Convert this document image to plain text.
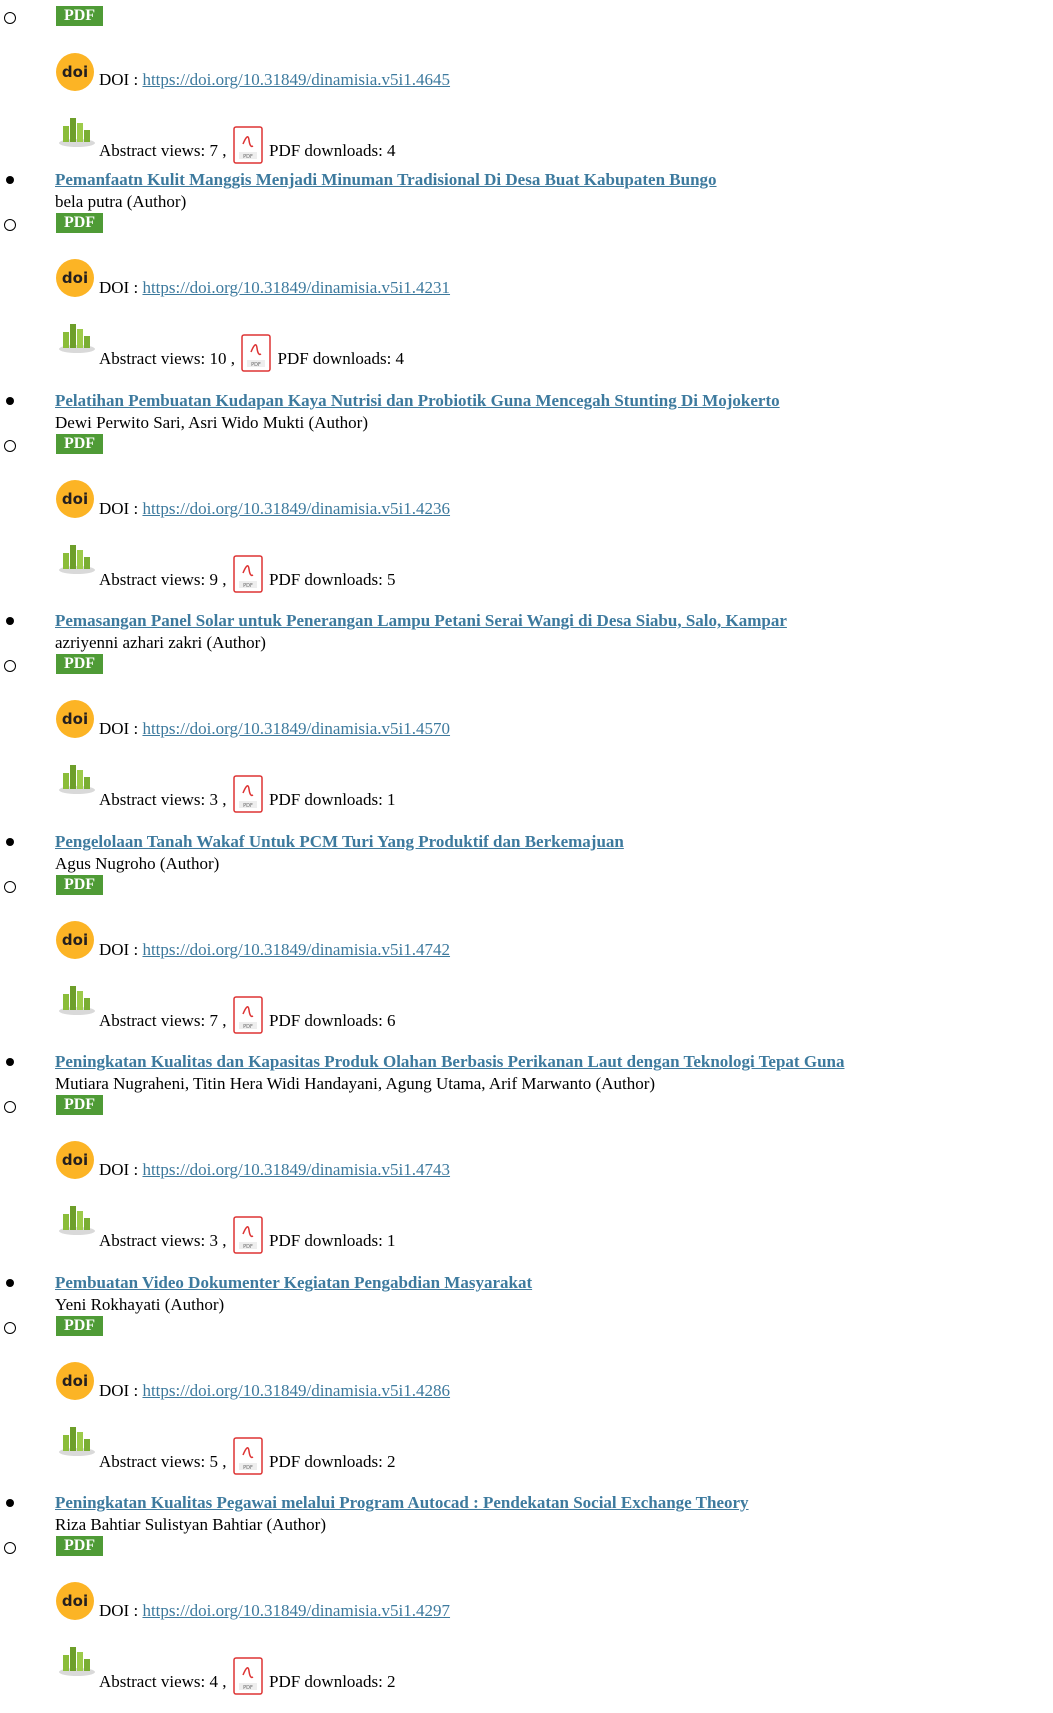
PDF
doi DOI : https://doi.org/10.31849/dinamisia.v5i1.4645
Abstract views: 7 ,	PDF PDF downloads: 4
Pemanfaatn Kulit Manggis Menjadi Minuman Tradisional Di Desa Buat Kabupaten Bungo
bela putra (Author)
PDF
doi DOI : https://doi.org/10.31849/dinamisia.v5i1.4231
Abstract views: 10 ,	PDF PDF downloads: 4
Pelatihan Pembuatan Kudapan Kaya Nutrisi dan Probiotik Guna Mencegah Stunting Di Mojokerto
Dewi Perwito Sari, Asri Wido Mukti (Author)
PDF
doi DOI : https://doi.org/10.31849/dinamisia.v5i1.4236
Abstract views: 9 ,	PDF PDF downloads: 5
Pemasangan Panel Solar untuk Penerangan Lampu Petani Serai Wangi di Desa Siabu, Salo, Kampar
azriyenni azhari zakri (Author)
PDF
doi DOI : https://doi.org/10.31849/dinamisia.v5i1.4570
Abstract views: 3 ,	PDF PDF downloads: 1
Pengelolaan Tanah Wakaf Untuk PCM Turi Yang Produktif dan Berkemajuan
Agus Nugroho (Author)
PDF
doi DOI : https://doi.org/10.31849/dinamisia.v5i1.4742
Abstract views: 7 ,	PDF PDF downloads: 6
Peningkatan Kualitas dan Kapasitas Produk Olahan Berbasis Perikanan Laut dengan Teknologi Tepat Guna
Mutiara Nugraheni, Titin Hera Widi Handayani, Agung Utama, Arif Marwanto (Author)
PDF
doi DOI : https://doi.org/10.31849/dinamisia.v5i1.4743
Abstract views: 3 ,	PDF PDF downloads: 1
Pembuatan Video Dokumenter Kegiatan Pengabdian Masyarakat
Yeni Rokhayati (Author)
PDF
doi DOI : https://doi.org/10.31849/dinamisia.v5i1.4286
Abstract views: 5 ,	PDF PDF downloads: 2
Peningkatan Kualitas Pegawai melalui Program Autocad : Pendekatan Social Exchange Theory
Riza Bahtiar Sulistyan Bahtiar (Author)
PDF
doi DOI : https://doi.org/10.31849/dinamisia.v5i1.4297
Abstract views: 4 ,	PDF PDF downloads: 2
